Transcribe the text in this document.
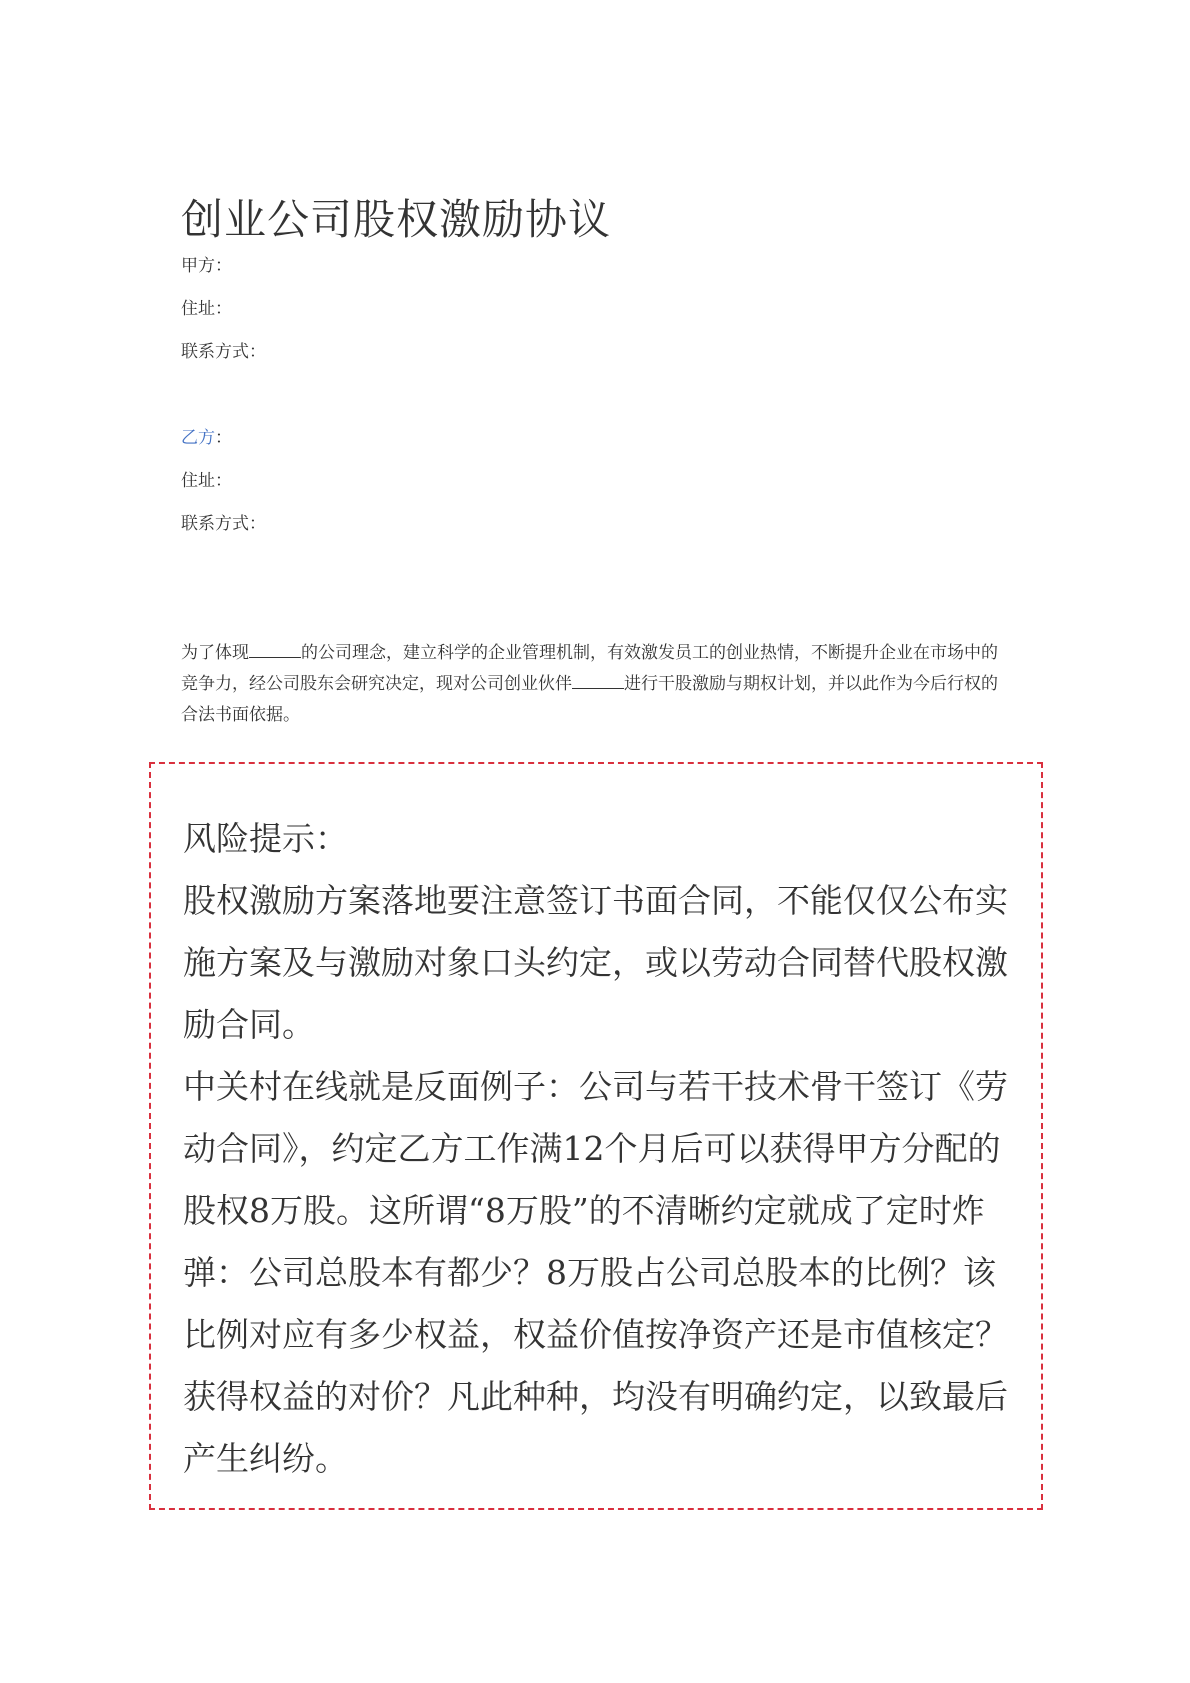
创业公司股权激励协议
甲方：
住址：
联系方式：
乙方：
住址：
联系方式：
为了体现	的公司理念，建立科学的企业管理机制，有效激发员工的创业热情，不断提升企业在市场中的竞争力，经公司股东会研究决定，现对公司创业伙伴	进行干股激励与期权计划，并以此作为今后行权的合法书面依据。

风险提示：

股权激励方案落地要注意签订书面合同，不能仅仅公布实施方案及与激励对象口头约定，或以劳动合同替代股权激励合同。

中关村在线就是反面例子：公司与若干技术骨干签订《劳动合同》，约定乙方工作满12个月后可以获得甲方分配的股权8万股。这所谓“8万股”的不清晰约定就成了定时炸弹：公司总股本有都少？8万股占公司总股本的比例？该比例对应有多少权益，权益价值按净资产还是市值核定？获得权益的对价？凡此种种，均没有明确约定，以致最后产生纠纷。
